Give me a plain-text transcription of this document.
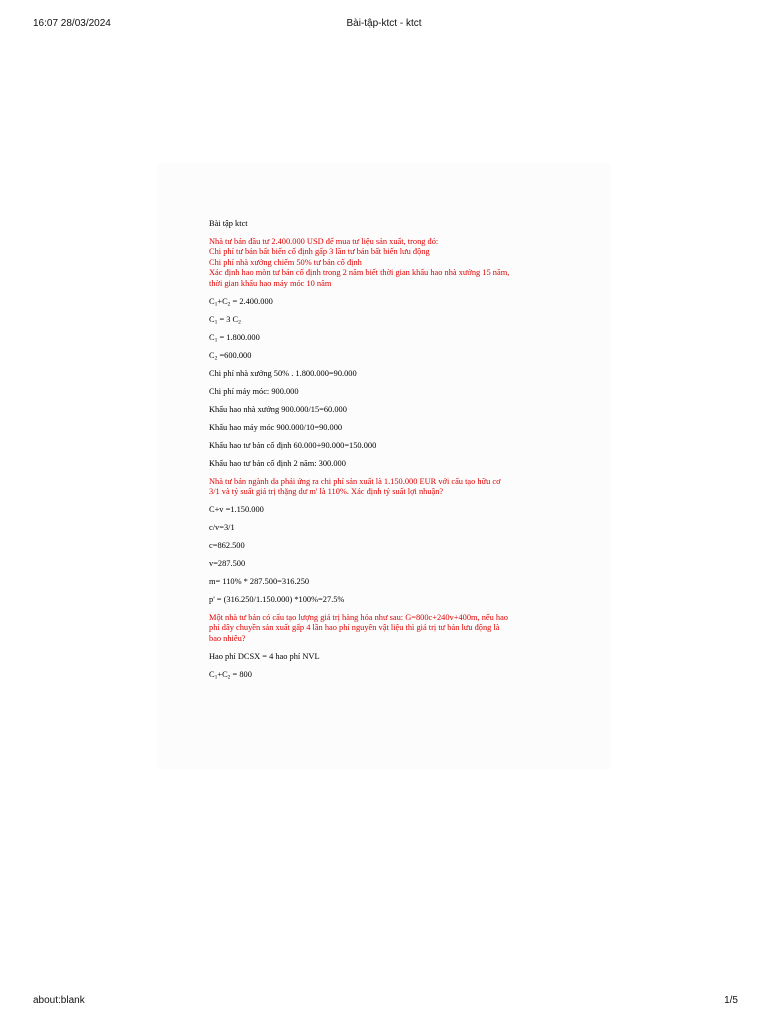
16:07 28/03/2024	Bài-tập-ktct - ktct
Bài tập ktct
Nhà tư bản đầu tư 2.400.000 USD để mua tư liệu sản xuất, trong đó:
Chi phí tư bản bất biến cố định gấp 3 lần tư bản bất biến lưu động
Chi phí nhà xưởng chiếm 50% tư bản cố định
Xác định hao mòn tư bản cố định trong 2 năm biết thời gian khấu hao nhà xưởng 15 năm,
thời gian khấu hao máy móc 10 năm
$C_1+C_2 = 2.400.000$
$C_1 = 3$ $C_2$
$C_1 = 1.800.000$
$C_2 =600.000$
Chi phí nhà xưởng 50% . 1.800.000=90.000
Chi phí máy móc: 900.000
Khấu hao nhà xưởng 900.000/15=60.000
Khấu hao máy móc 900.000/10=90.000
Khấu hao tư bản cố định 60.000+90.000=150.000
Khấu hao tư bản cố định 2 năm: 300.000
Nhà tư bản ngành da phải ứng ra chi phí sản xuất là 1.150.000 EUR với cấu tạo hữu cơ
3/1 và tỷ suất giá trị thặng dư m' là 110%. Xác định tỷ suất lợi nhuận?
C+v =1.150.000
c/v=3/1
c=862.500
v=287.500
m= 110% * 287.500=316.250
p' = (316.250/1.150.000) *100%=27.5%
Một nhà tư bản có cấu tạo lượng giá trị hàng hóa như sau: G=800c+240v+400m, nếu hao
phí dây chuyền sản xuất gấp 4 lần hao phí nguyên vật liệu thì giá trị tư bản lưu động là
bao nhiêu?
Hao phí DCSX = 4 hao phí NVL
$C_1+C_2 = 800$
about:blank	1/5
